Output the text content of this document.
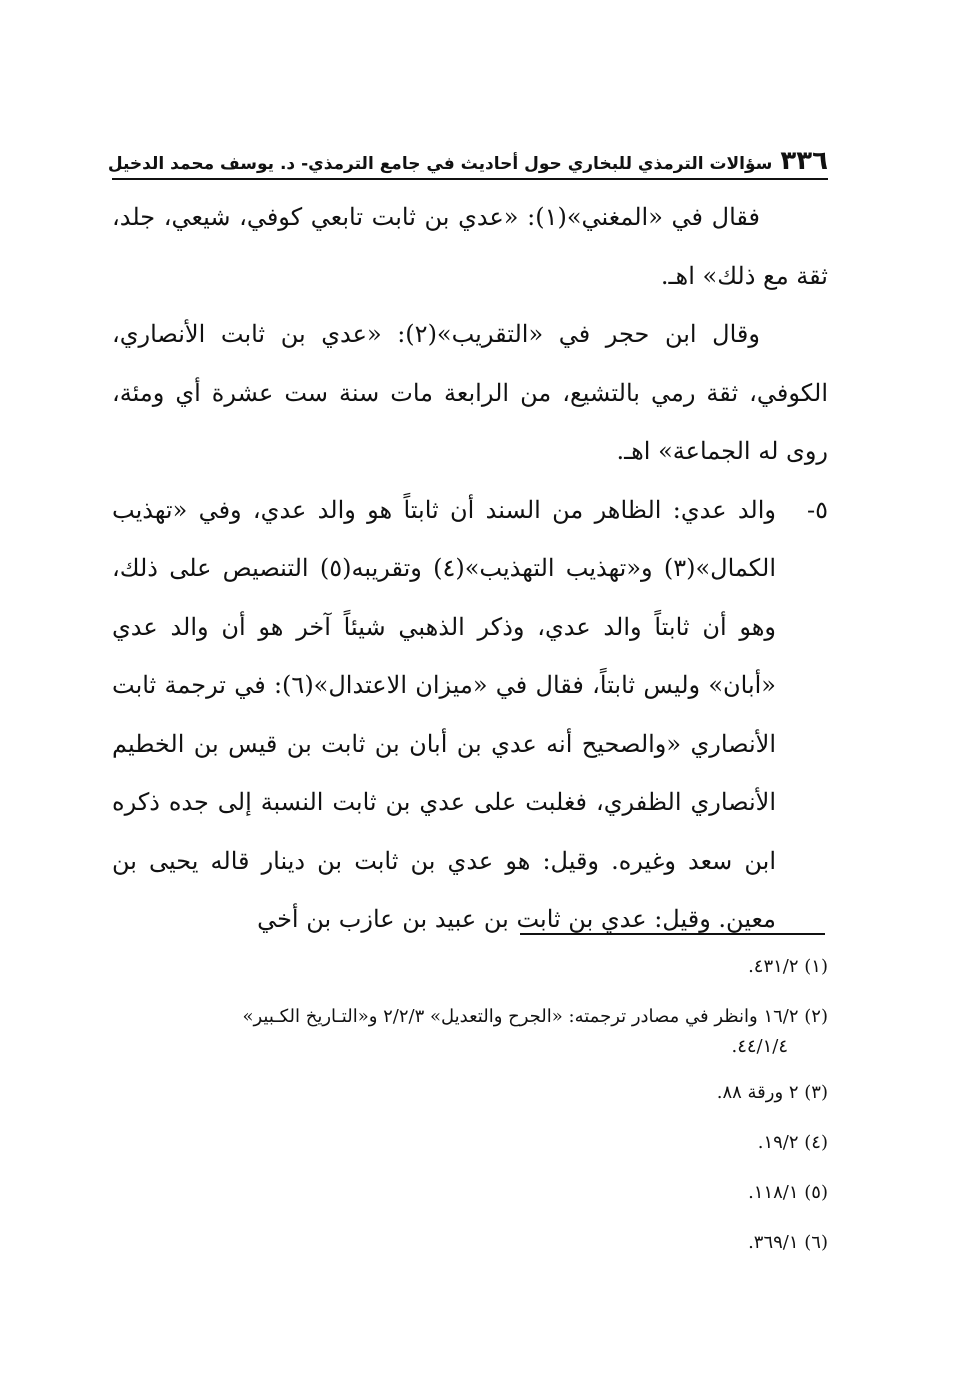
٣٣٦
سؤالات الترمذي للبخاري حول أحاديث في جامع الترمذي- د. يوسف محمد الدخيل

فقال في «المغني»(١): «عدي بن ثابت تابعي كوفي، شيعي، جلد، ثقة مع ذلك» اهـ.

وقال ابن حجر في «التقريب»(٢): «عدي بن ثابت الأنصاري، الكوفي، ثقة رمي بالتشيع، من الرابعة مات سنة ست عشرة أي ومئة، روى له الجماعة» اهـ.

٥-
والد عدي: الظاهر من السند أن ثابتاً هو والد عدي، وفي «تهذيب الكمال»(٣) و«تهذيب التهذيب»(٤) وتقريبه(٥) التنصيص على ذلك، وهو أن ثابتاً والد عدي، وذكر الذهبي شيئاً آخر هو أن والد عدي «أبان» وليس ثابتاً، فقال في «ميزان الاعتدال»(٦): في ترجمة ثابت الأنصاري «والصحيح أنه عدي بن أبان بن ثابت بن قيس بن الخطيم الأنصاري الظفري، فغلبت على عدي بن ثابت النسبة إلى جده ذكره ابن سعد وغيره. وقيل: هو عدي بن ثابت بن دينار قاله يحيى بن معين. وقيل: عدي بن ثابت بن عبيد بن عازب بن أخي

(١) ٤٣١/٢.

(٢) ١٦/٢ وانظر في مصادر ترجمته: «الجرح والتعديل» ٢/٢/٣ و«التـاريخ الكـبير»
٤٤/١/٤.

(٣) ٢ ورقة ٨٨.

(٤) ١٩/٢.

(٥) ١١٨/١.

(٦) ٣٦٩/١.
